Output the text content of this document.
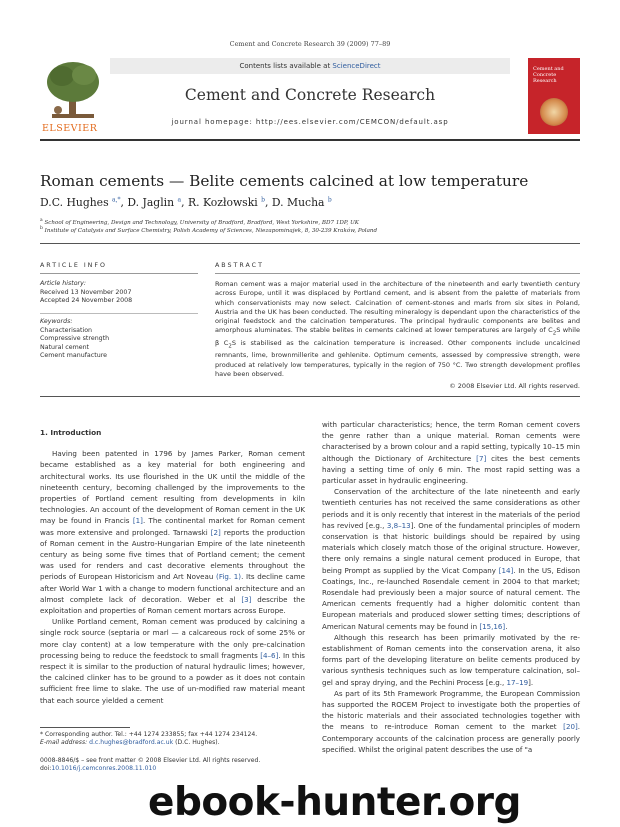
Cement and Concrete Research 39 (2009) 77–89
ELSEVIER
Contents lists available at ScienceDirect
Cement and Concrete Research
journal homepage: http://ees.elsevier.com/CEMCON/default.asp
Cement and Concrete Research
Roman cements — Belite cements calcined at low temperature
D.C. Hughes $^{a,*}$, D. Jaglin $^a$, R. Kozłowski $^b$, D. Mucha $^b$
$^a$ School of Engineering, Design and Technology, University of Bradford, Bradford, West Yorkshire, BD7 1DP, UK
$^b$ Institute of Catalysis and Surface Chemistry, Polish Academy of Sciences, Niezapominajek, 8, 30-239 Kraków, Poland
ARTICLE INFO	ABSTRACT
Article history:
Received 13 November 2007
Accepted 24 November 2008
Keywords:
Characterisation
Compressive strength
Natural cement
Cement manufacture
Roman cement was a major material used in the architecture of the nineteenth and early twentieth century across Europe, until it was displaced by Portland cement, and is absent from the palette of materials from which conservationists may now select. Calcination of cement-stones and marls from six sites in Poland, Austria and the UK has been conducted. The resulting mineralogy is dependant upon the characteristics of the original feedstock and the calcination temperatures. The principal hydraulic components are belites and amorphous aluminates. The stable belites in cements calcined at lower temperatures are largely of $C_2S$ while β $C_2S$ is stabilised as the calcination temperature is increased. Other components include uncalcined remnants, lime, brownmillerite and gehlenite. Optimum cements, assessed by compressive strength, were produced at relatively low temperatures, typically in the region of 750 °C. Two strength development profiles have been observed.
© 2008 Elsevier Ltd. All rights reserved.
1. Introduction

Having been patented in 1796 by James Parker, Roman cement became established as a key material for both engineering and architectural works. Its use flourished in the UK until the middle of the nineteenth century, becoming challenged by the improvements to the properties of Portland cement resulting from developments in kiln technologies. An account of the development of Roman cement in the UK may be found in Francis [1]. The continental market for Roman cement was more extensive and prolonged. Tarnawski [2] reports the production of Roman cement in the Austro-Hungarian Empire of the late nineteenth century as being some five times that of Portland cement; the cement was used for renders and cast decorative elements throughout the periods of European Historicism and Art Noveau (Fig. 1). Its decline came after World War 1 with a change to modern functional architecture and an almost complete lack of decoration. Weber et al [3] describe the exploitation and properties of Roman cement mortars across Europe.

Unlike Portland cement, Roman cement was produced by calcining a single rock source (septaria or marl — a calcareous rock of some 25% or more clay content) at a low temperature with the only pre-calcination processing being to reduce the feedstock to small fragments [4–6]. In this respect it is similar to the production of natural hydraulic limes; however, the calcined clinker has to be ground to a powder as it does not contain sufficient free lime to slake. The use of un-modified raw material meant that each source yielded a cement

with particular characteristics; hence, the term Roman cement covers the genre rather than a unique material. Roman cements were characterised by a brown colour and a rapid setting, typically 10–15 min although the Dictionary of Architecture [7] cites the best cements having a setting time of only 6 min. The most rapid setting was a particular asset in hydraulic engineering.

Conservation of the architecture of the late nineteenth and early twentieth centuries has not received the same considerations as other periods and it is only recently that interest in the materials of the period has revived [e.g., 3,8–13]. One of the fundamental principles of modern conservation is that historic buildings should be repaired by using materials which closely match those of the original structure. However, there only remains a single natural cement produced in Europe, that being Prompt as supplied by the Vicat Company [14]. In the US, Edison Coatings, Inc., re-launched Rosendale cement in 2004 to that market; Rosendale had previously been a major source of natural cement. The American cements frequently had a higher dolomitic content than European materials and produced slower setting times; descriptions of American Natural cements may be found in [15,16].

Although this research has been primarily motivated by the re-establishment of Roman cements into the conservation arena, it also forms part of the developing literature on belite cements produced by various synthesis techniques such as low temperature calcination, sol–gel and spray drying, and the Pechini Process [e.g., 17–19].

As part of its 5th Framework Programme, the European Commission has supported the ROCEM Project to investigate both the properties of the historic materials and their associated technologies together with the means to re-introduce Roman cement to the market [20]. Contemporary accounts of the calcination process are generally poorly specified. Whilst the original patent describes the use of "a

* Corresponding author. Tel.: +44 1274 233855; fax +44 1274 234124.
E-mail address: d.c.hughes@bradford.ac.uk (D.C. Hughes).
0008-8846/$ – see front matter © 2008 Elsevier Ltd. All rights reserved.
doi:10.1016/j.cemconres.2008.11.010
ebook-hunter.org
